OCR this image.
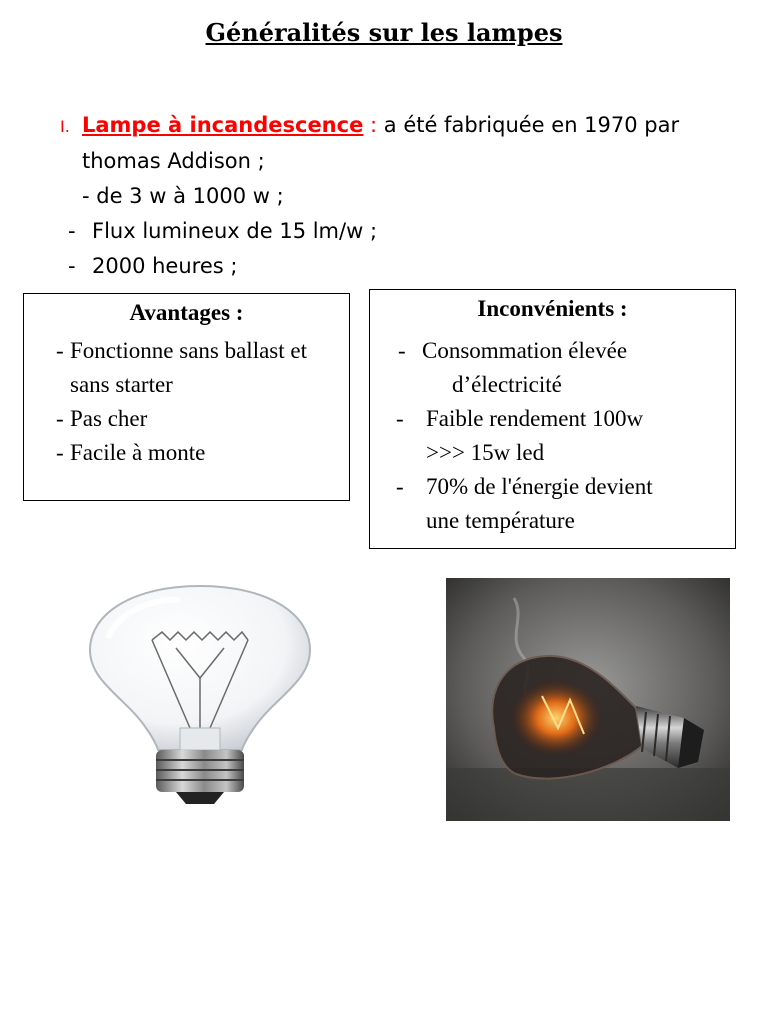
Généralités sur les lampes
I. Lampe à incandescence : a été fabriquée en 1970 par
thomas Addison ;
- de 3 w à 1000 w ;
- Flux lumineux de 15 lm/w ;
- 2000 heures ;
Avantages :
- Fonctionne sans ballast et sans starter
- Pas cher
- Facile à monte
Inconvénients :
- Consommation élevée
d’électricité
- Faible rendement 100w
>>> 15w led
- 70% de l'énergie devient
une température
